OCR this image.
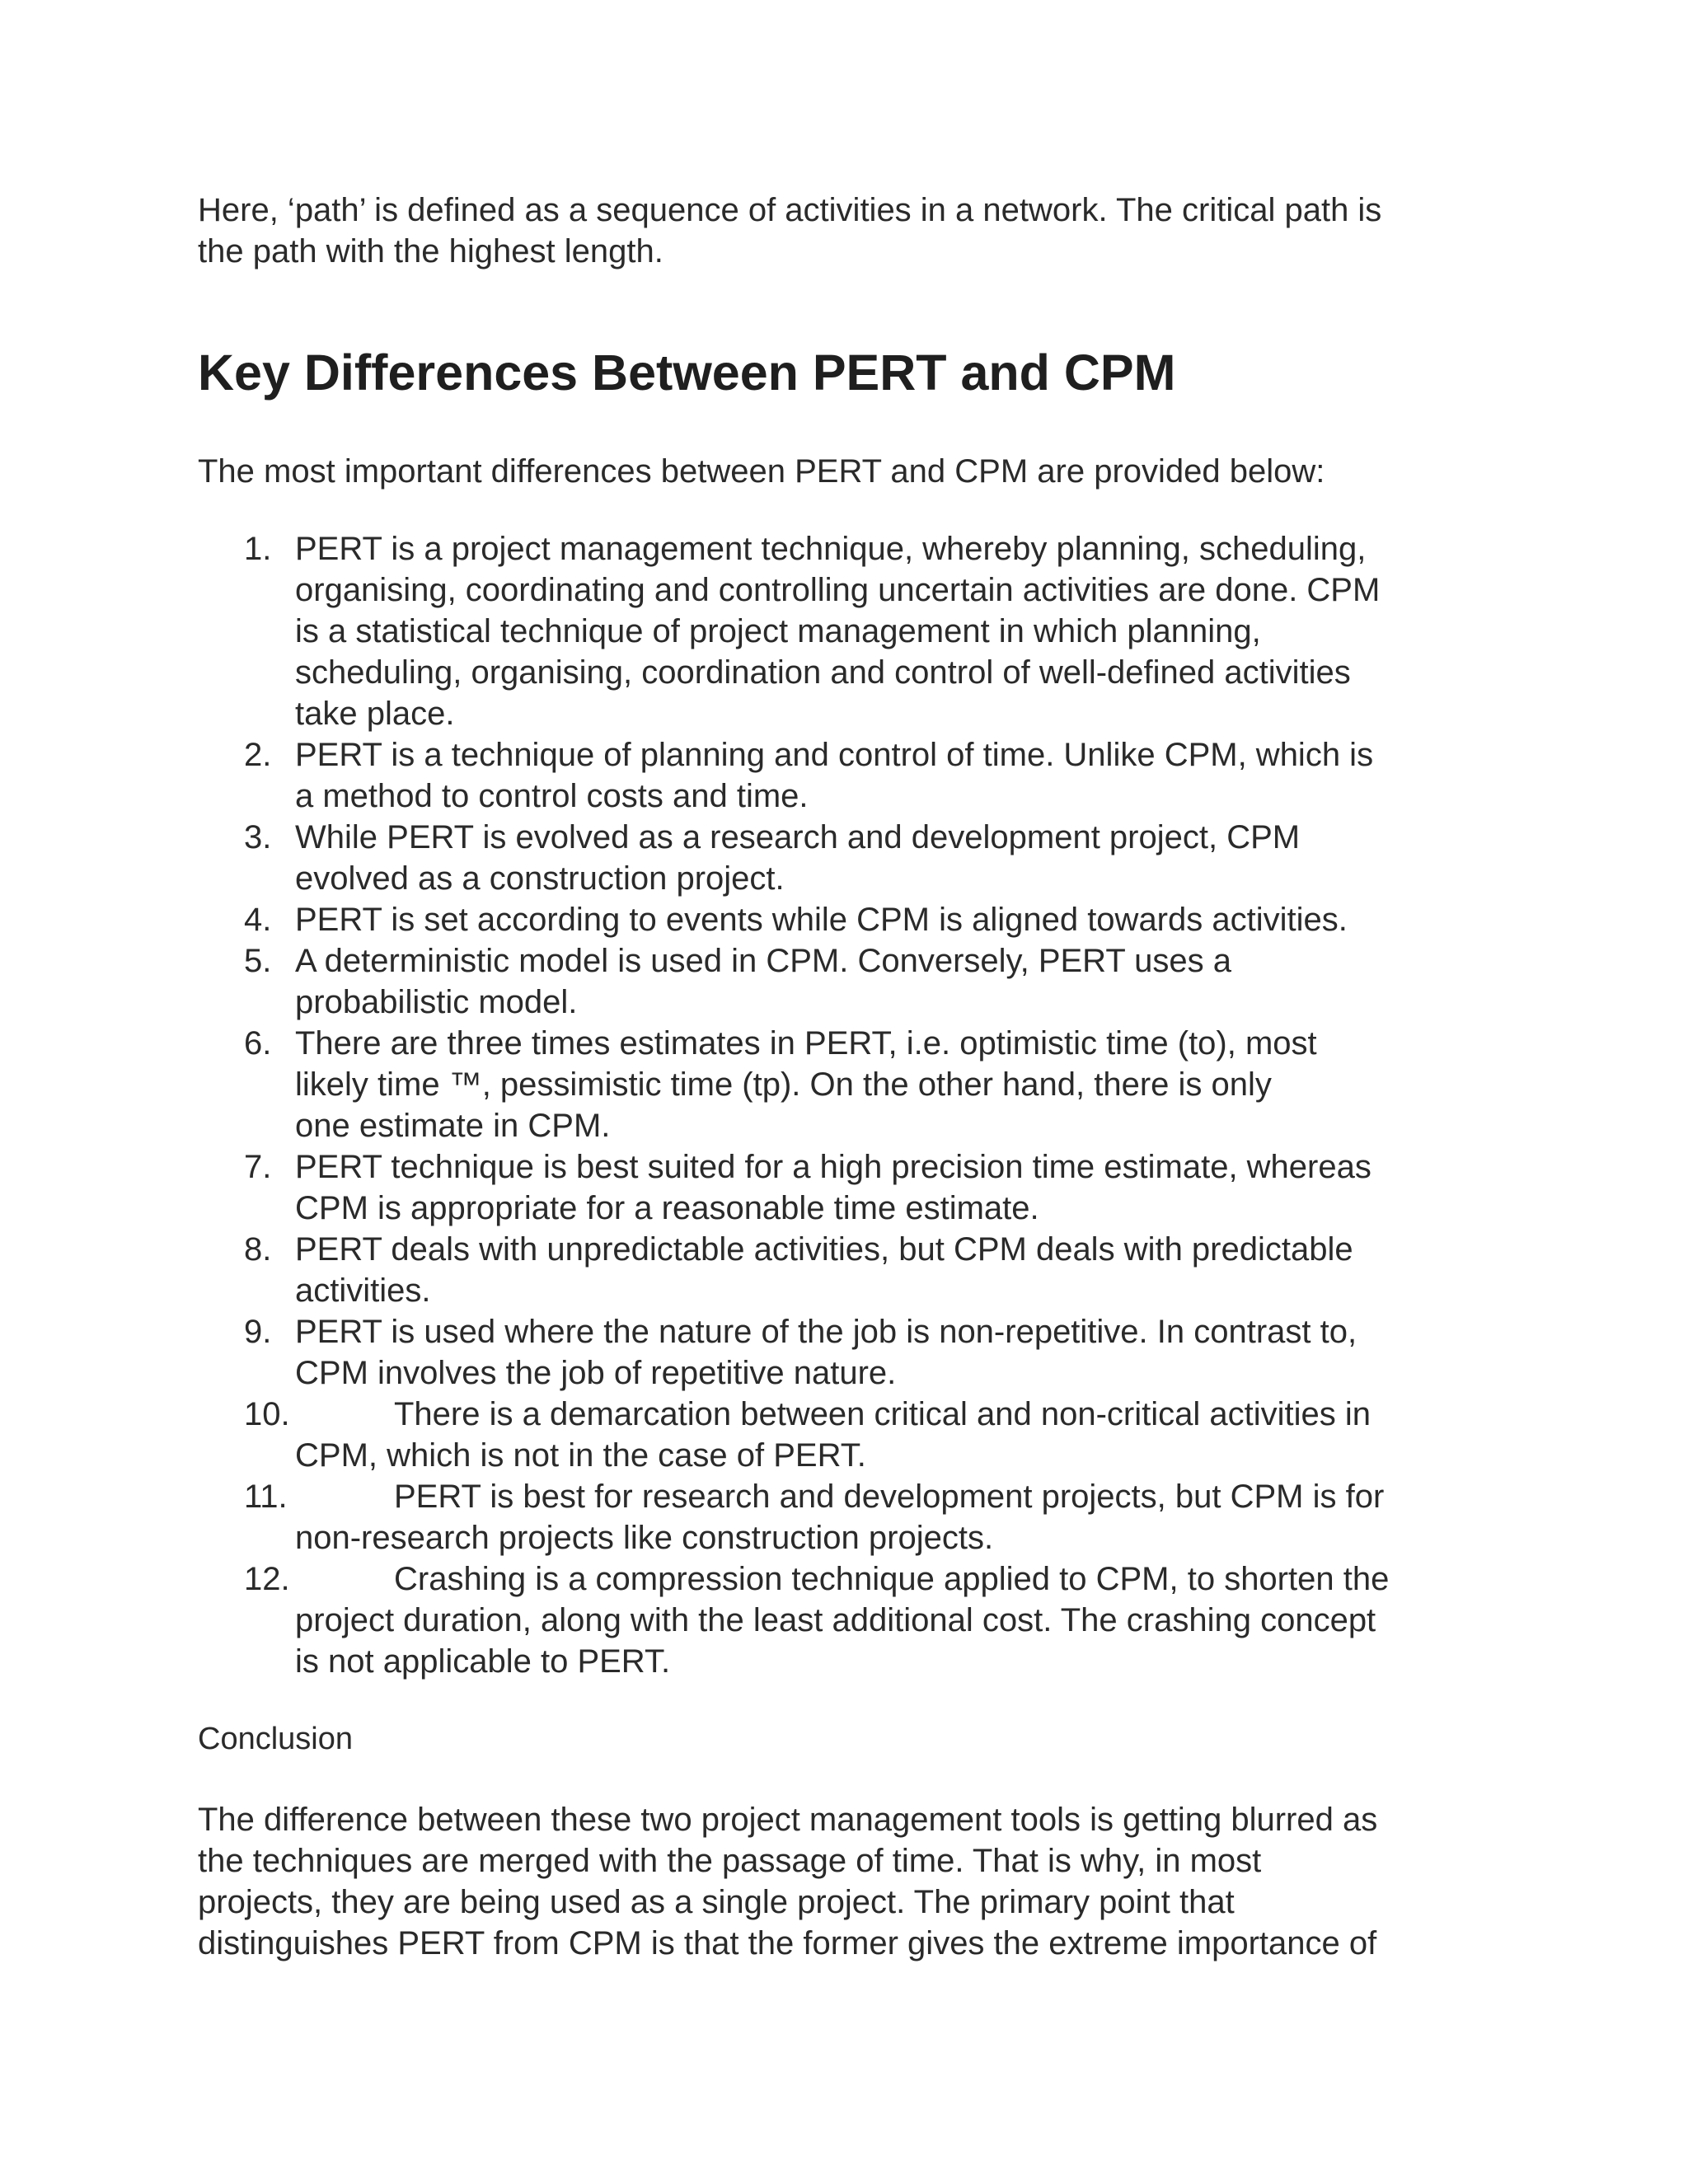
Here, ‘path’ is defined as a sequence of activities in a network. The critical path is
the path with the highest length.
Key Differences Between PERT and CPM
The most important differences between PERT and CPM are provided below:
1. PERT is a project management technique, whereby planning, scheduling,
organising, coordinating and controlling uncertain activities are done. CPM
is a statistical technique of project management in which planning,
scheduling, organising, coordination and control of well-defined activities
take place.
2. PERT is a technique of planning and control of time. Unlike CPM, which is
a method to control costs and time.
3. While PERT is evolved as a research and development project, CPM
evolved as a construction project.
4. PERT is set according to events while CPM is aligned towards activities.
5. A deterministic model is used in CPM. Conversely, PERT uses a
probabilistic model.
6. There are three times estimates in PERT, i.e. optimistic time (to), most
likely time ™, pessimistic time (tp). On the other hand, there is only
one estimate in CPM.
7. PERT technique is best suited for a high precision time estimate, whereas
CPM is appropriate for a reasonable time estimate.
8. PERT deals with unpredictable activities, but CPM deals with predictable
activities.
9. PERT is used where the nature of the job is non-repetitive. In contrast to,
CPM involves the job of repetitive nature.
10.	There is a demarcation between critical and non-critical activities in
CPM, which is not in the case of PERT.
11.	PERT is best for research and development projects, but CPM is for
non-research projects like construction projects.
12.	Crashing is a compression technique applied to CPM, to shorten the
project duration, along with the least additional cost. The crashing concept
is not applicable to PERT.
Conclusion
The difference between these two project management tools is getting blurred as
the techniques are merged with the passage of time. That is why, in most
projects, they are being used as a single project. The primary point that
distinguishes PERT from CPM is that the former gives the extreme importance of
